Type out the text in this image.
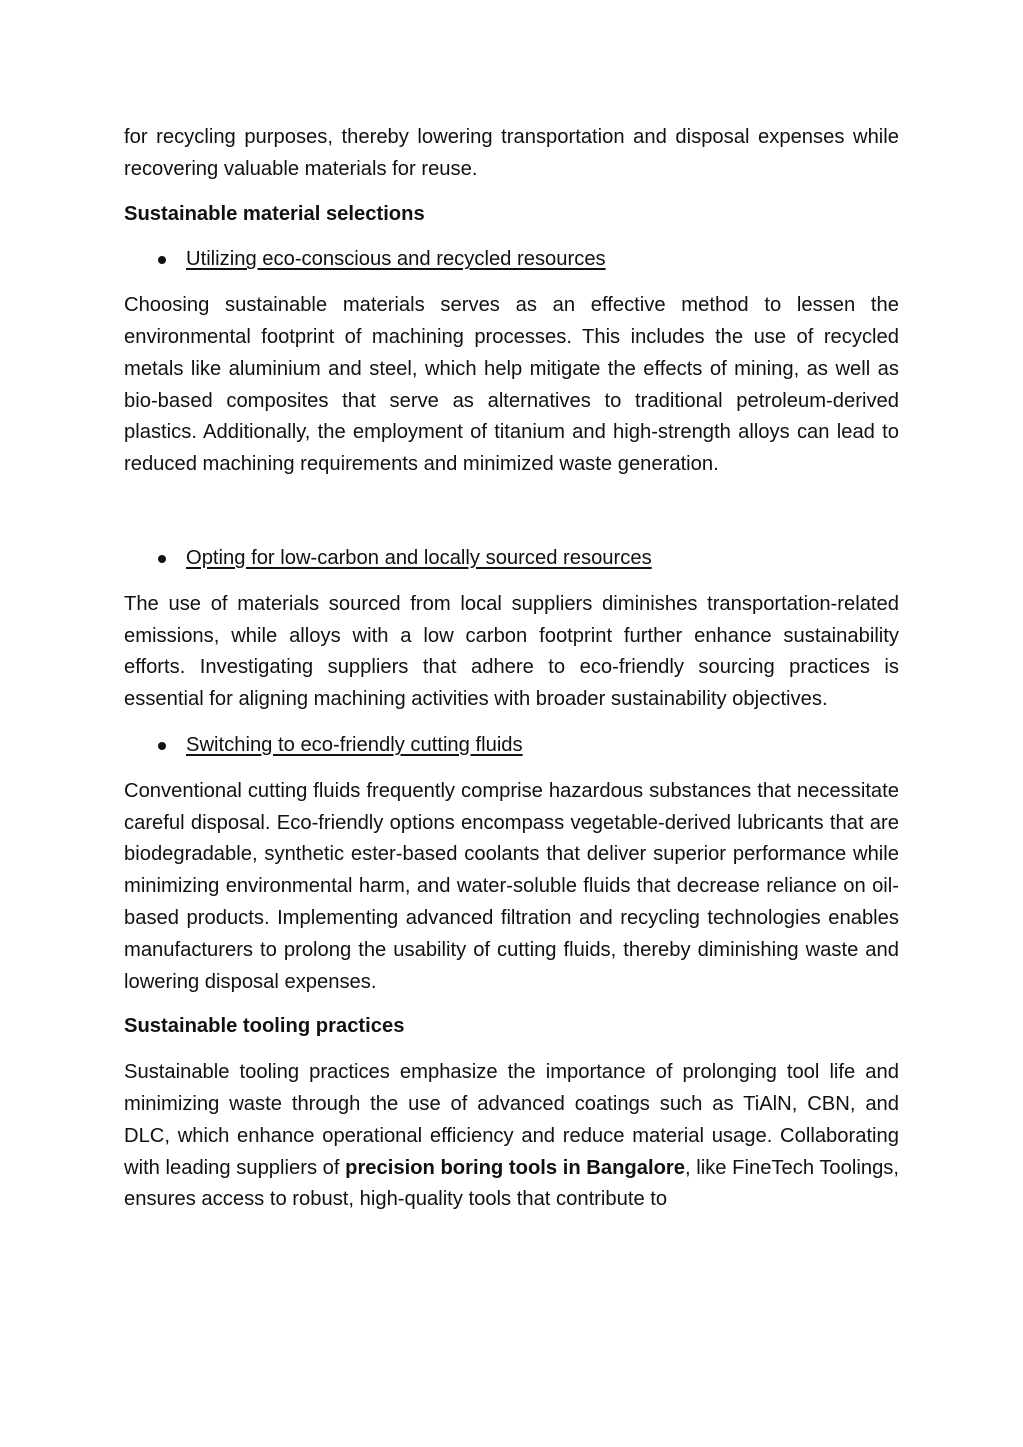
for recycling purposes, thereby lowering transportation and disposal expenses while recovering valuable materials for reuse.

Sustainable material selections
Utilizing eco-conscious and recycled resources

Choosing sustainable materials serves as an effective method to lessen the environmental footprint of machining processes. This includes the use of recycled metals like aluminium and steel, which help mitigate the effects of mining, as well as bio-based composites that serve as alternatives to traditional petroleum-derived plastics. Additionally, the employment of titanium and high-strength alloys can lead to reduced machining requirements and minimized waste generation.

Opting for low-carbon and locally sourced resources

The use of materials sourced from local suppliers diminishes transportation-related emissions, while alloys with a low carbon footprint further enhance sustainability efforts. Investigating suppliers that adhere to eco-friendly sourcing practices is essential for aligning machining activities with broader sustainability objectives.

Switching to eco-friendly cutting fluids

Conventional cutting fluids frequently comprise hazardous substances that necessitate careful disposal. Eco-friendly options encompass vegetable-derived lubricants that are biodegradable, synthetic ester-based coolants that deliver superior performance while minimizing environmental harm, and water-soluble fluids that decrease reliance on oil-based products. Implementing advanced filtration and recycling technologies enables manufacturers to prolong the usability of cutting fluids, thereby diminishing waste and lowering disposal expenses.

Sustainable tooling practices

Sustainable tooling practices emphasize the importance of prolonging tool life and minimizing waste through the use of advanced coatings such as TiAlN, CBN, and DLC, which enhance operational efficiency and reduce material usage. Collaborating with leading suppliers of precision boring tools in Bangalore, like FineTech Toolings, ensures access to robust, high-quality tools that contribute to
